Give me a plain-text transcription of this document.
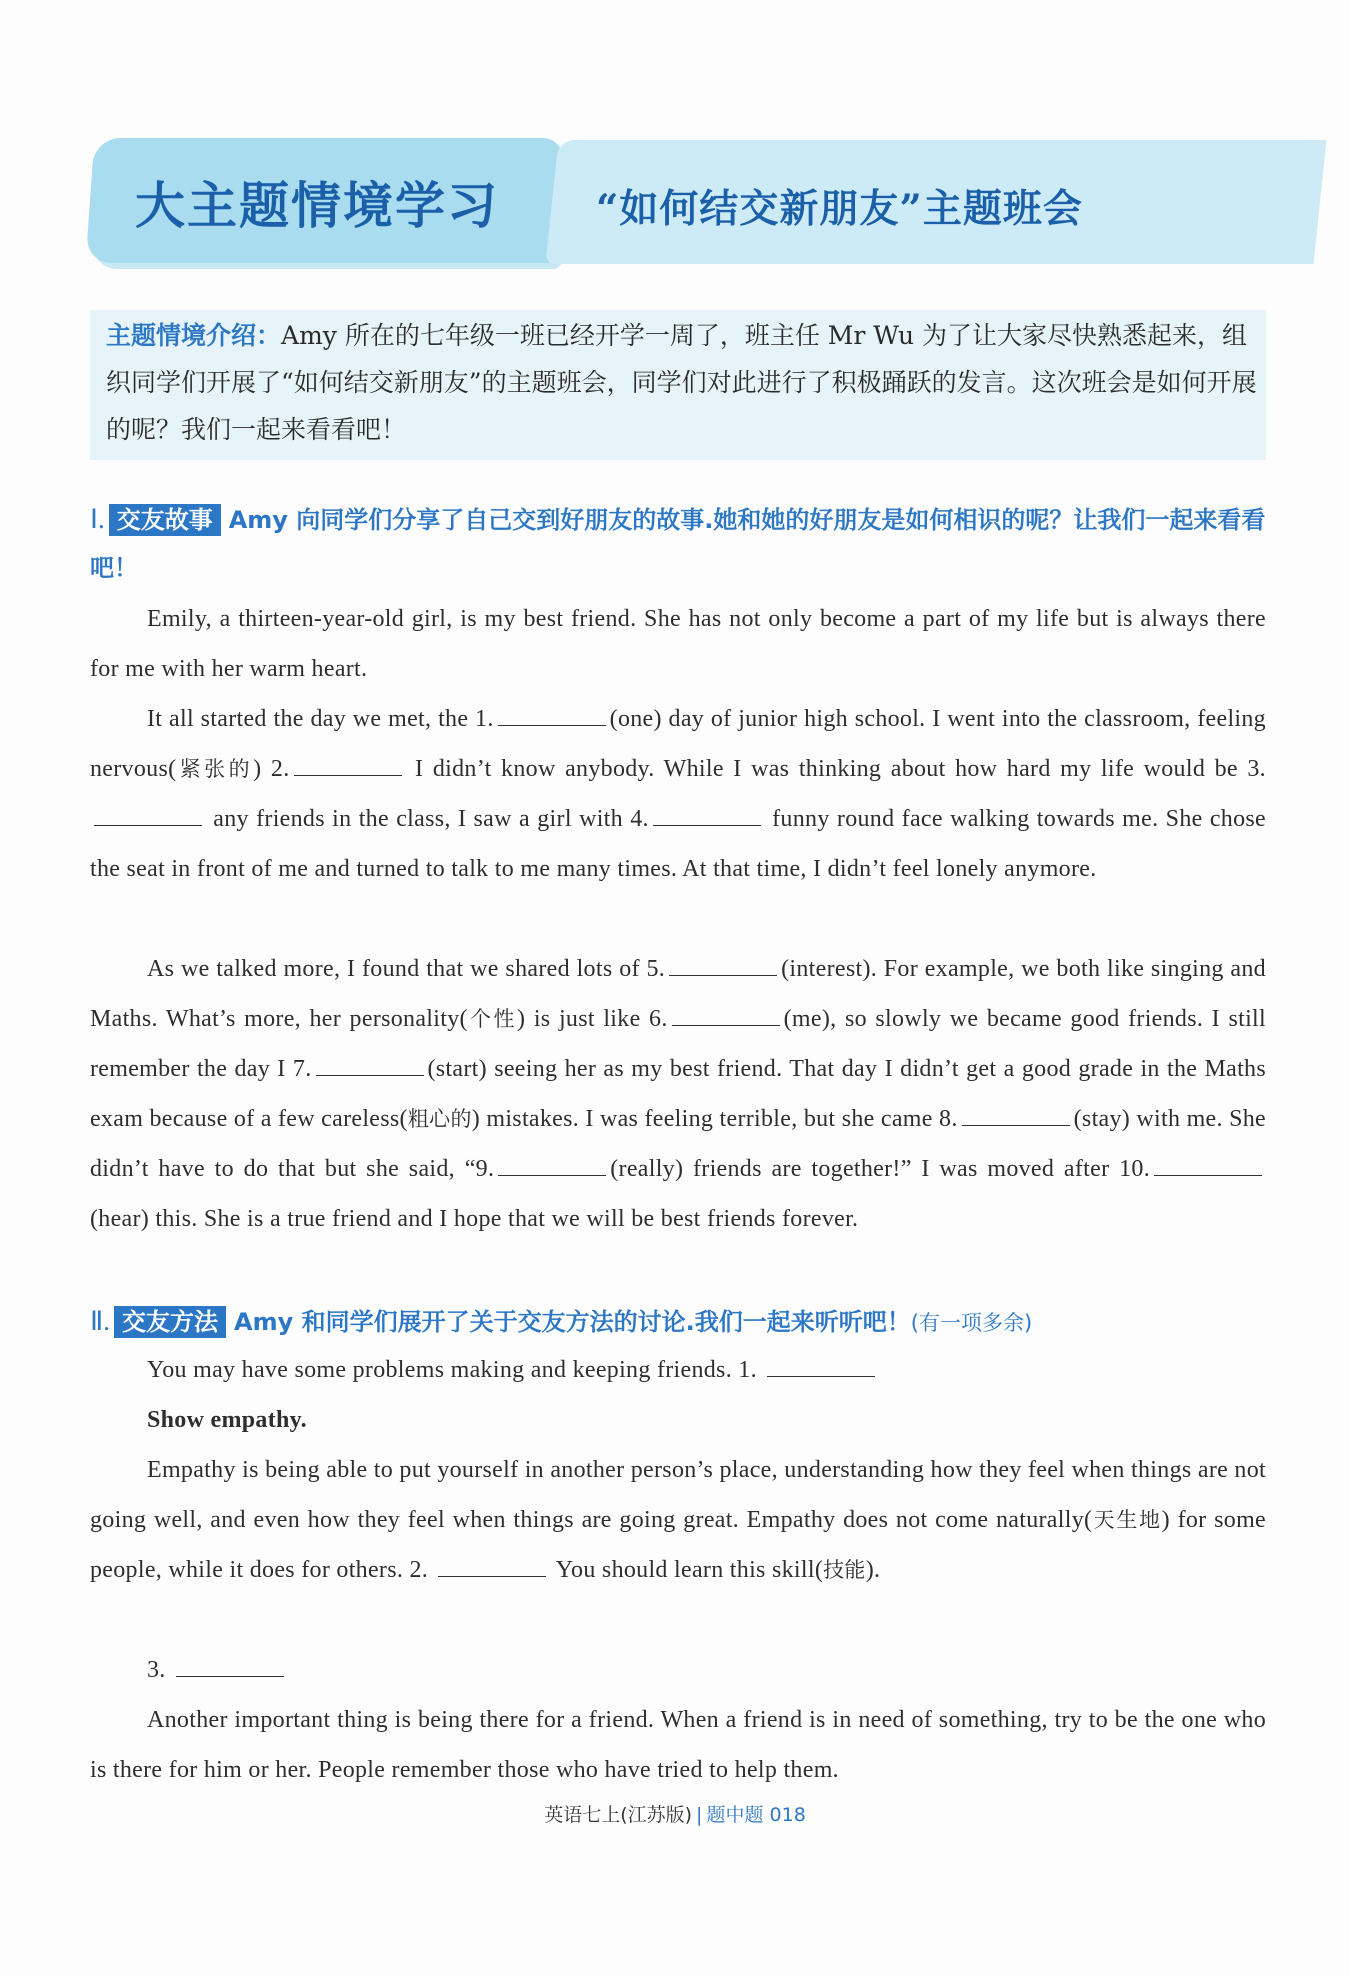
大主题情境学习 “如何结交新朋友”主题班会
主题情境介绍：Amy 所在的七年级一班已经开学一周了，班主任 Mr Wu 为了让大家尽快熟悉起来，组织同学们开展了“如何结交新朋友”的主题班会，同学们对此进行了积极踊跃的发言。这次班会是如何开展的呢？我们一起来看看吧！
Ⅰ. 交友故事 Amy 向同学们分享了自己交到好朋友的故事.她和她的好朋友是如何相识的呢？让我们一起来看看吧！
Emily, a thirteen-year-old girl, is my best friend. She has not only become a part of my life but is always there for me with her warm heart.
It all started the day we met, the 1.	(one) day of junior high school. I went into the classroom, feeling nervous(紧张的) 2.	I didn’t know anybody. While I was thinking about how hard my life would be 3. any friends in the class, I saw a girl with 4.	funny round face walking towards me. She chose the seat in front of me and turned to talk to me many times. At that time, I didn’t feel lonely anymore.
As we talked more, I found that we shared lots of 5.	(interest). For example, we both like singing and Maths. What’s more, her personality(个性) is just like 6.	(me), so slowly we became good friends. I still remember the day I 7.	(start) seeing her as my best friend. That day I didn’t get a good grade in the Maths exam because of a few careless(粗心的) mistakes. I was feeling terrible, but she came 8.	(stay) with me. She didn’t have to do that but she said, “9.	(really) friends are together!” I was moved after 10.(hear) this. She is a true friend and I hope that we will be best friends forever.
Ⅱ. 交友方法 Amy 和同学们展开了关于交友方法的讨论.我们一起来听听吧！(有一项多余)
You may have some problems making and keeping friends. 1.
Show empathy.
Empathy is being able to put yourself in another person’s place, understanding how they feel when things are not going well, and even how they feel when things are going great. Empathy does not come naturally(天生地) for some people, while it does for others. 2.	You should learn this skill(技能).
3.
Another important thing is being there for a friend. When a friend is in need of something, try to be the one who is there for him or her. People remember those who have tried to help them.
英语七上(江苏版) | 题中题 018
